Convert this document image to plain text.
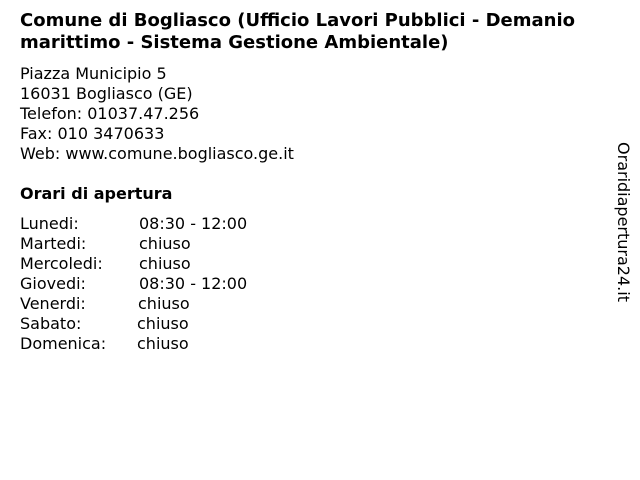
Comune di Bogliasco (Ufficio Lavori Pubblici - Demanio marittimo - Sistema Gestione Ambientale)
Piazza Municipio 5
16031 Bogliasco (GE)
Telefon: 01037.47.256
Fax: 010 3470633
Web: www.comune.bogliasco.ge.it
Orari di apertura
Lunedi:	08:30 - 12:00
Martedi:	chiuso
Mercoledi: chiuso
Giovedi:	08:30 - 12:00
Venerdi:	chiuso
Sabato:	chiuso
Domenica: chiuso
Oraridiapertura24.it
